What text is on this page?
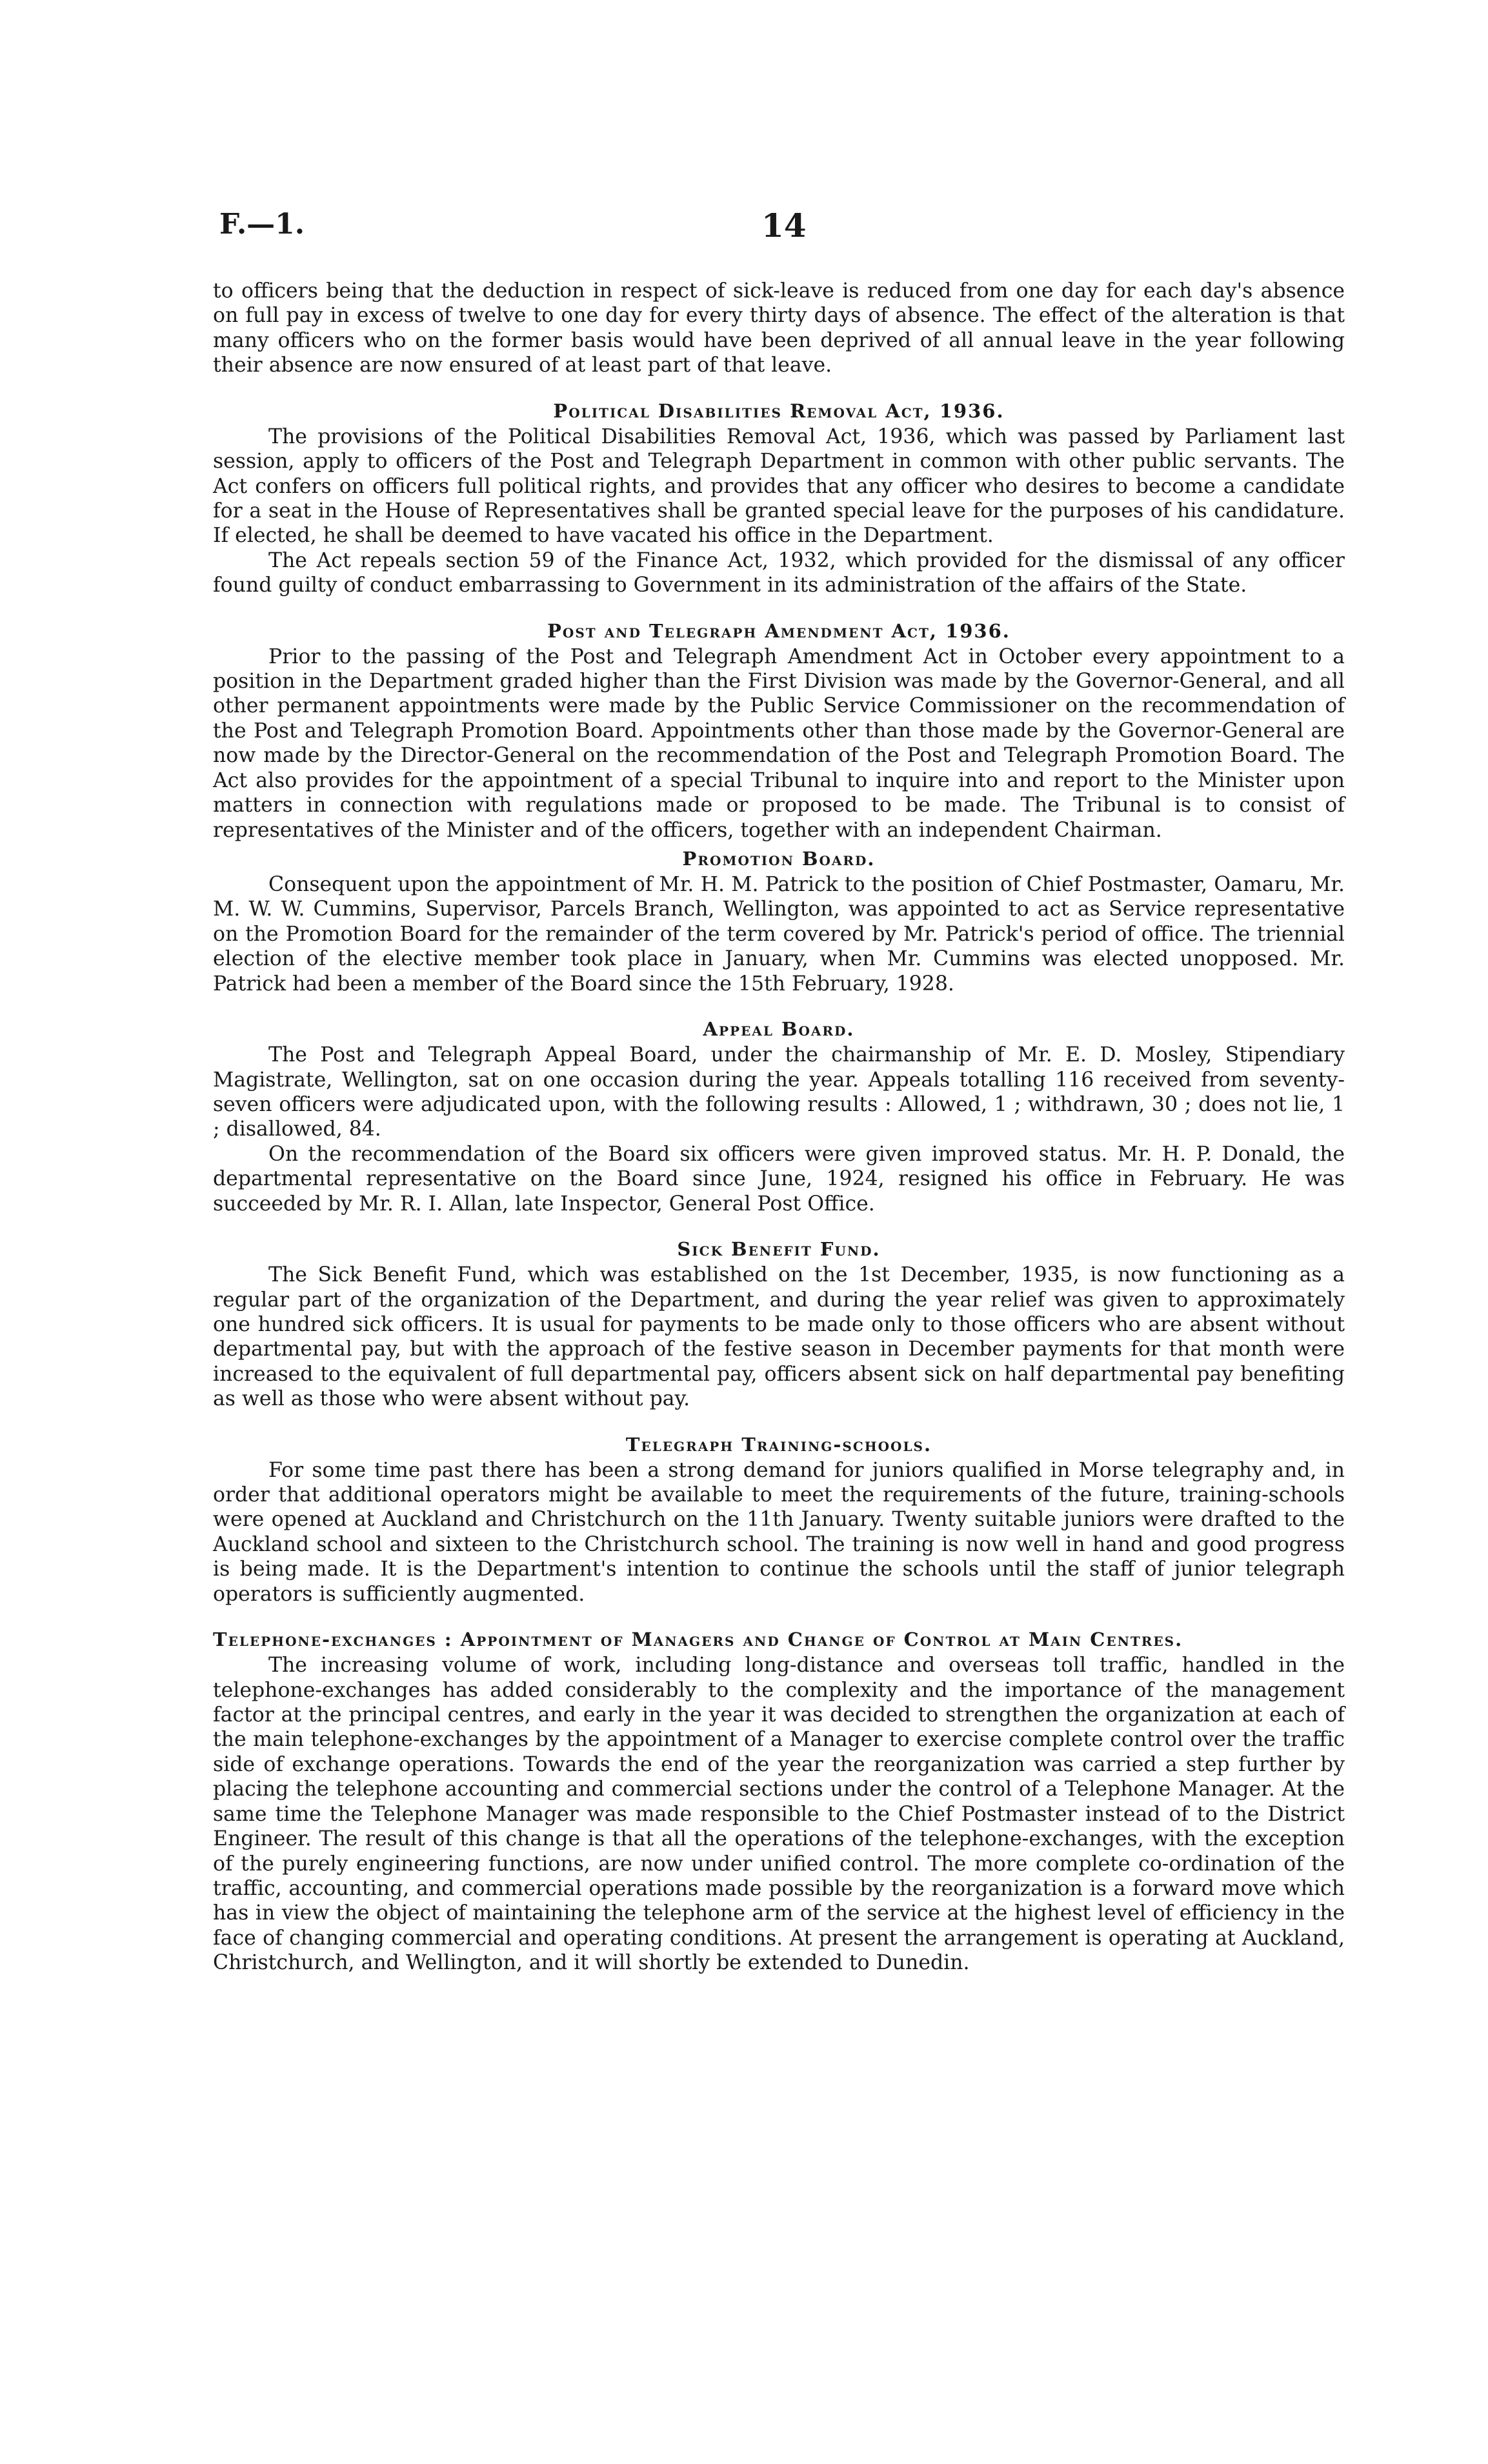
F.—1.	14

to officers being that the deduction in respect of sick-leave is reduced from one day for each day's absence on full pay in excess of twelve to one day for every thirty days of absence. The effect of the alteration is that many officers who on the former basis would have been deprived of all annual leave in the year following their absence are now ensured of at least part of that leave.

Political Disabilities Removal Act, 1936.

The provisions of the Political Disabilities Removal Act, 1936, which was passed by Parliament last session, apply to officers of the Post and Telegraph Department in common with other public servants. The Act confers on officers full political rights, and provides that any officer who desires to become a candidate for a seat in the House of Representatives shall be granted special leave for the purposes of his candidature. If elected, he shall be deemed to have vacated his office in the Department.

The Act repeals section 59 of the Finance Act, 1932, which provided for the dismissal of any officer found guilty of conduct embarrassing to Government in its administration of the affairs of the State.

Post and Telegraph Amendment Act, 1936.

Prior to the passing of the Post and Telegraph Amendment Act in October every appointment to a position in the Department graded higher than the First Division was made by the Governor-General, and all other permanent appointments were made by the Public Service Commissioner on the recommendation of the Post and Telegraph Promotion Board. Appointments other than those made by the Governor-General are now made by the Director-General on the recommendation of the Post and Telegraph Promotion Board. The Act also provides for the appointment of a special Tribunal to inquire into and report to the Minister upon matters in connection with regulations made or proposed to be made. The Tribunal is to consist of representatives of the Minister and of the officers, together with an independent Chairman.

Promotion Board.

Consequent upon the appointment of Mr. H. M. Patrick to the position of Chief Postmaster, Oamaru, Mr. M. W. W. Cummins, Supervisor, Parcels Branch, Wellington, was appointed to act as Service representative on the Promotion Board for the remainder of the term covered by Mr. Patrick's period of office. The triennial election of the elective member took place in January, when Mr. Cummins was elected unopposed. Mr. Patrick had been a member of the Board since the 15th February, 1928.

Appeal Board.

The Post and Telegraph Appeal Board, under the chairmanship of Mr. E. D. Mosley, Stipendiary Magistrate, Wellington, sat on one occasion during the year. Appeals totalling 116 received from seventy-seven officers were adjudicated upon, with the following results : Allowed, 1 ; withdrawn, 30 ; does not lie, 1 ; disallowed, 84.

On the recommendation of the Board six officers were given improved status. Mr. H. P. Donald, the departmental representative on the Board since June, 1924, resigned his office in February. He was succeeded by Mr. R. I. Allan, late Inspector, General Post Office.

Sick Benefit Fund.

The Sick Benefit Fund, which was established on the 1st December, 1935, is now functioning as a regular part of the organization of the Department, and during the year relief was given to approximately one hundred sick officers. It is usual for payments to be made only to those officers who are absent without departmental pay, but with the approach of the festive season in December payments for that month were increased to the equivalent of full departmental pay, officers absent sick on half departmental pay benefiting as well as those who were absent without pay.

Telegraph Training-schools.

For some time past there has been a strong demand for juniors qualified in Morse telegraphy and, in order that additional operators might be available to meet the requirements of the future, training-schools were opened at Auckland and Christchurch on the 11th January. Twenty suitable juniors were drafted to the Auckland school and sixteen to the Christchurch school. The training is now well in hand and good progress is being made. It is the Department's intention to continue the schools until the staff of junior telegraph operators is sufficiently augmented.

Telephone-exchanges : Appointment of Managers and Change of Control at Main Centres.

The increasing volume of work, including long-distance and overseas toll traffic, handled in the telephone-exchanges has added considerably to the complexity and the importance of the management factor at the principal centres, and early in the year it was decided to strengthen the organization at each of the main telephone-exchanges by the appointment of a Manager to exercise complete control over the traffic side of exchange operations. Towards the end of the year the reorganization was carried a step further by placing the telephone accounting and commercial sections under the control of a Telephone Manager. At the same time the Telephone Manager was made responsible to the Chief Postmaster instead of to the District Engineer. The result of this change is that all the operations of the telephone-exchanges, with the exception of the purely engineering functions, are now under unified control. The more complete co-ordination of the traffic, accounting, and commercial operations made possible by the reorganization is a forward move which has in view the object of maintaining the telephone arm of the service at the highest level of efficiency in the face of changing commercial and operating conditions. At present the arrangement is operating at Auckland, Christchurch, and Wellington, and it will shortly be extended to Dunedin.
